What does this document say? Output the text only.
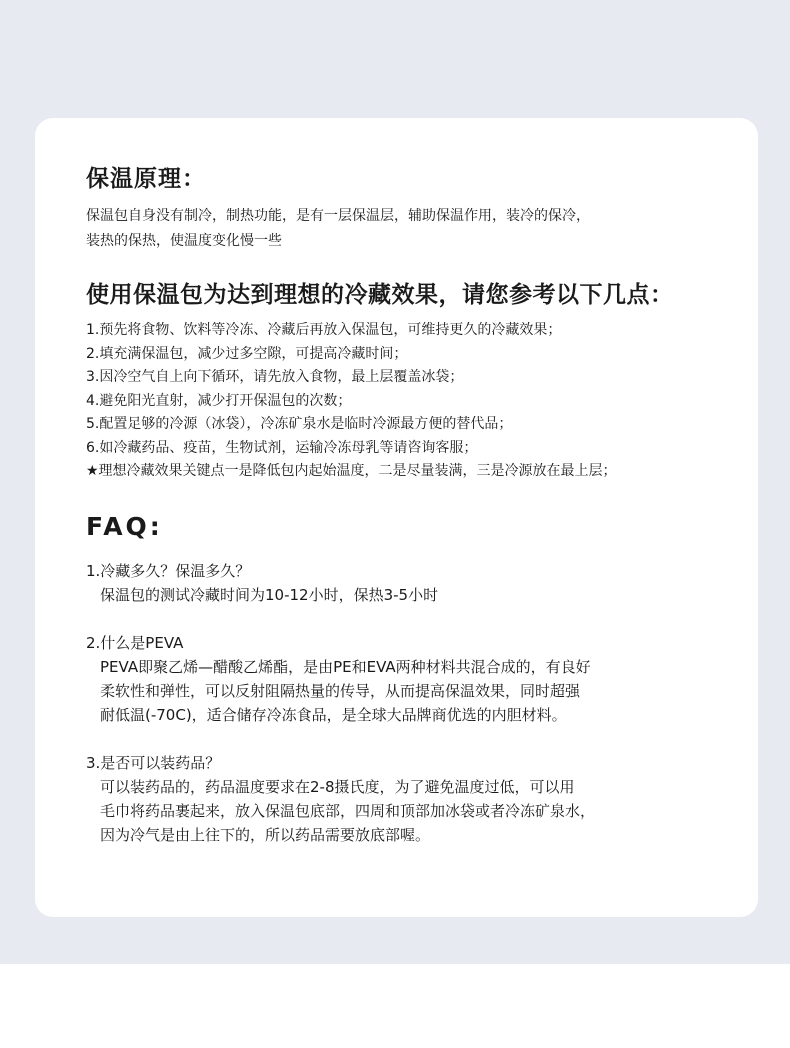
保温原理：

保温包自身没有制冷，制热功能，是有一层保温层，辅助保温作用，装冷的保冷，
装热的保热，使温度变化慢一些

使用保温包为达到理想的冷藏效果，请您参考以下几点：
1.预先将食物、饮料等冷冻、冷藏后再放入保温包，可维持更久的冷藏效果；
2.填充满保温包，减少过多空隙，可提高冷藏时间；
3.因冷空气自上向下循环，请先放入食物，最上层覆盖冰袋；
4.避免阳光直射，减少打开保温包的次数；
5.配置足够的冷源（冰袋），冷冻矿泉水是临时冷源最方便的替代品；
6.如冷藏药品、疫苗，生物试剂，运输冷冻母乳等请咨询客服；
★理想冷藏效果关键点一是降低包内起始温度，二是尽量装满，三是冷源放在最上层；
FAQ:

1.冷藏多久？保温多久？

保温包的测试冷藏时间为10-12小时，保热3-5小时

2.什么是PEVA

PEVA即聚乙烯—醋酸乙烯酯，是由PE和EVA两种材料共混合成的，有良好
柔软性和弹性，可以反射阻隔热量的传导，从而提高保温效果，同时超强
耐低温(-70C)，适合储存冷冻食品，是全球大品牌商优选的内胆材料。

3.是否可以装药品？

可以装药品的，药品温度要求在2-8摄氏度，为了避免温度过低，可以用
毛巾将药品裹起来，放入保温包底部，四周和顶部加冰袋或者冷冻矿泉水，
因为冷气是由上往下的，所以药品需要放底部喔。
